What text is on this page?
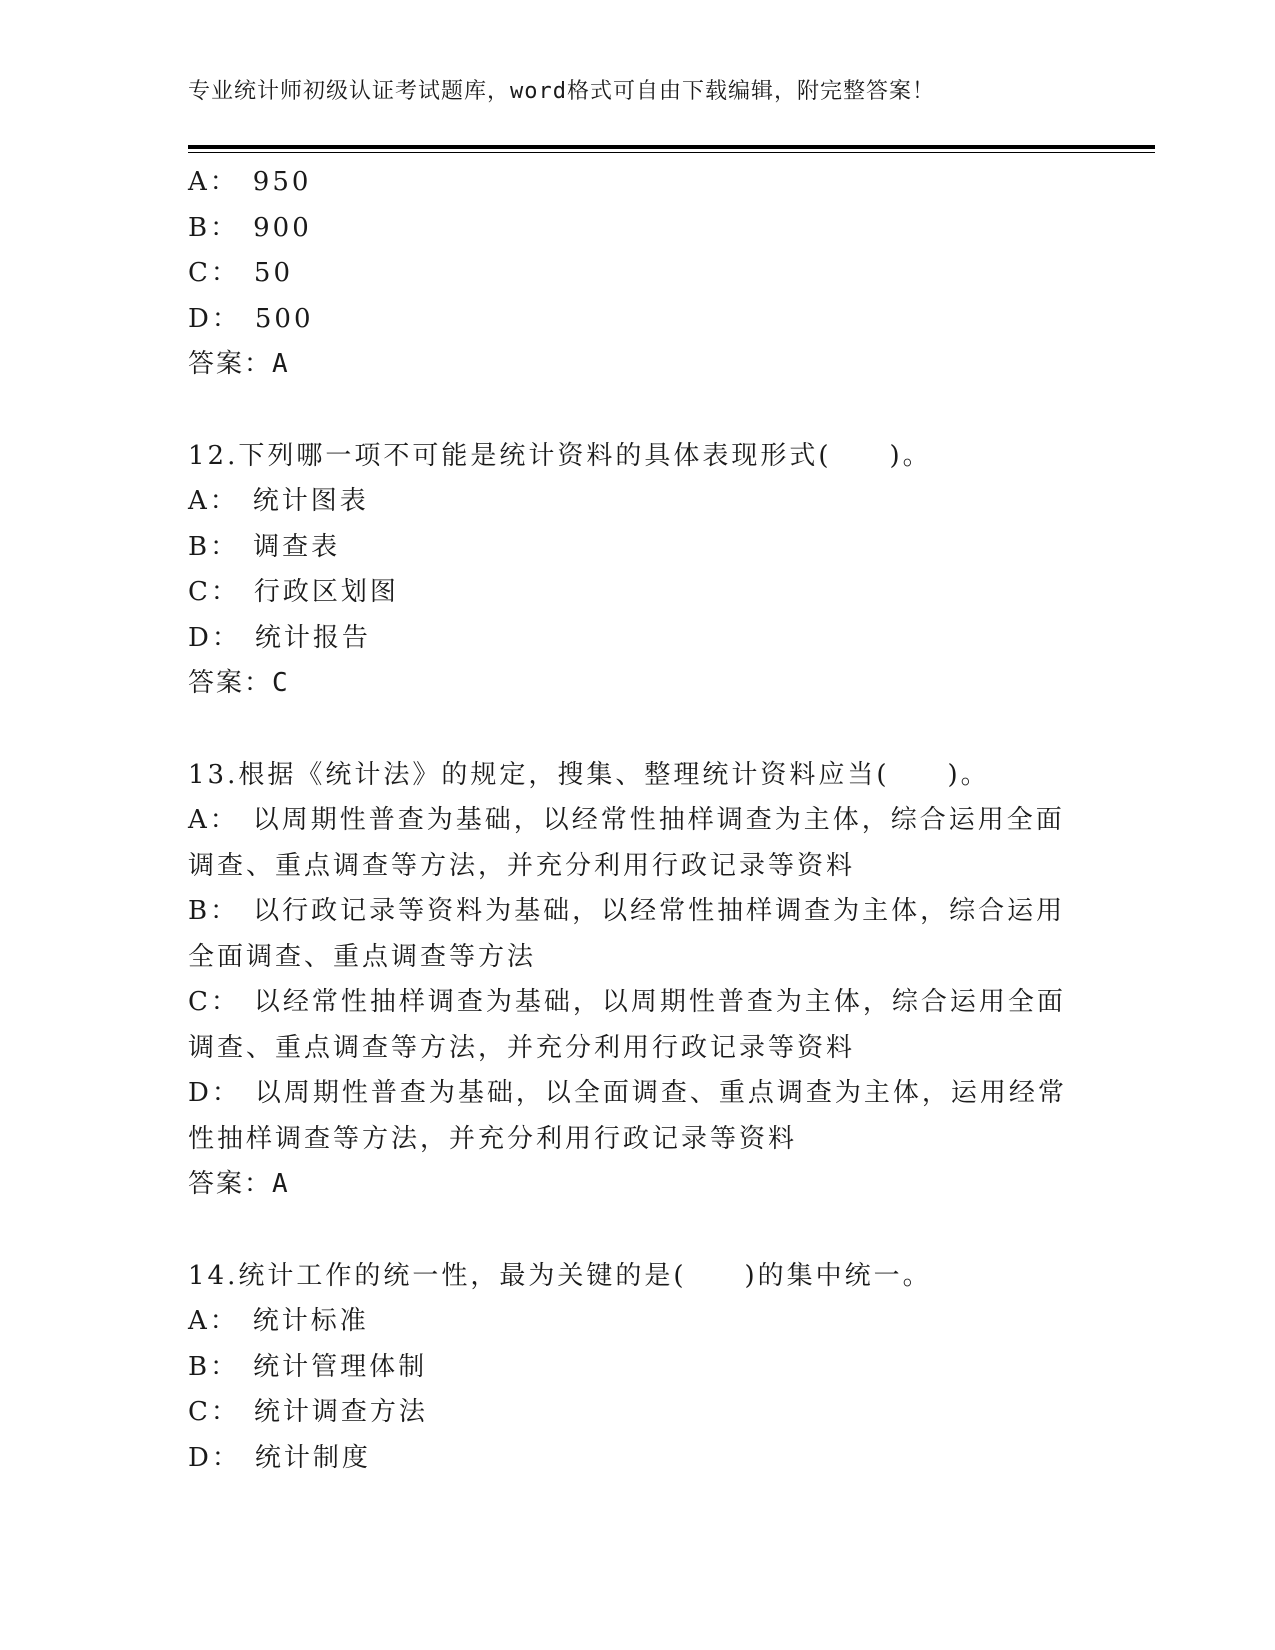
专业统计师初级认证考试题库，word格式可自由下载编辑，附完整答案！
A： 950
B： 900
C： 50
D： 500
答案：A
12.下列哪一项不可能是统计资料的具体表现形式(　　)。
A： 统计图表
B： 调查表
C： 行政区划图
D： 统计报告
答案：C
13.根据《统计法》的规定，搜集、整理统计资料应当(　　)。
A： 以周期性普查为基础，以经常性抽样调查为主体，综合运用全面调查、重点调查等方法，并充分利用行政记录等资料
B： 以行政记录等资料为基础，以经常性抽样调查为主体，综合运用全面调查、重点调查等方法
C： 以经常性抽样调查为基础，以周期性普查为主体，综合运用全面调查、重点调查等方法，并充分利用行政记录等资料
D： 以周期性普查为基础，以全面调查、重点调查为主体，运用经常性抽样调查等方法，并充分利用行政记录等资料
答案：A
14.统计工作的统一性，最为关键的是(　　)的集中统一。
A： 统计标准
B： 统计管理体制
C： 统计调查方法
D： 统计制度
